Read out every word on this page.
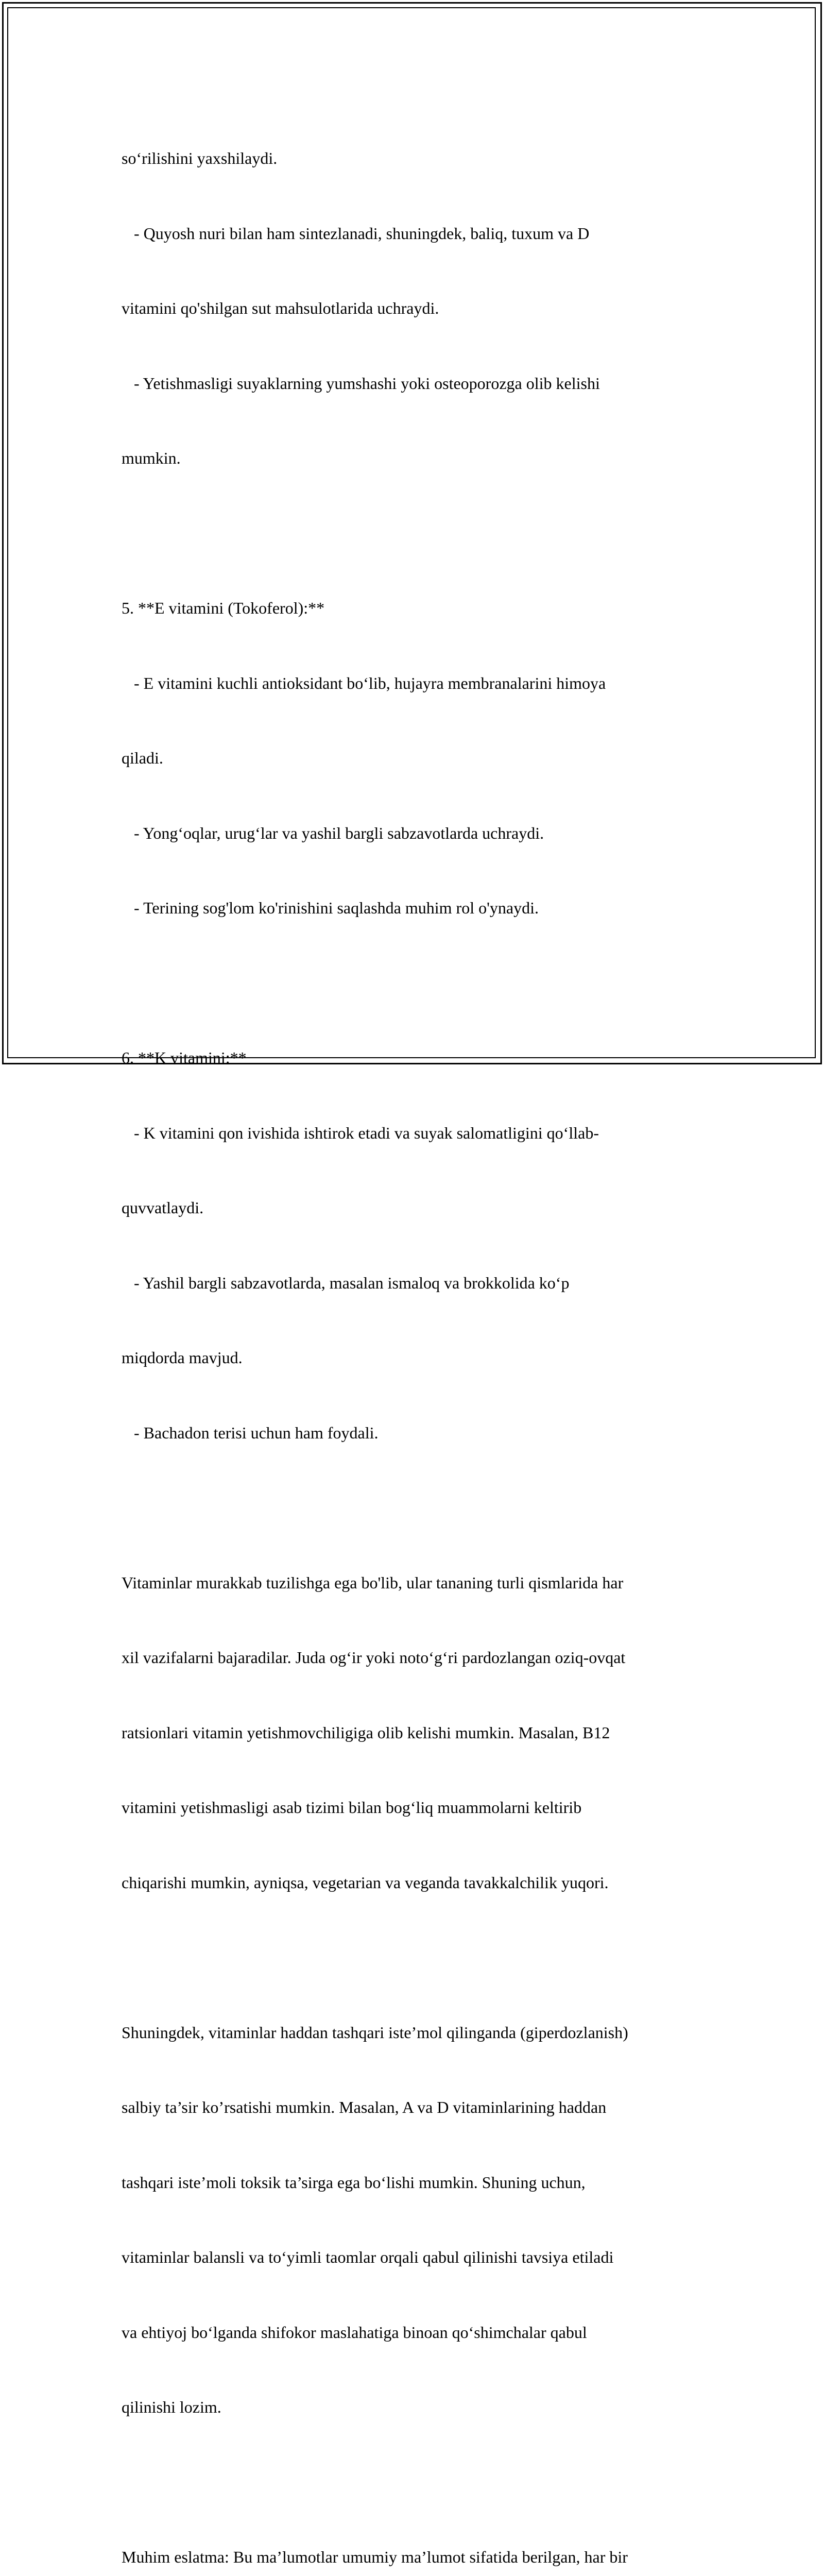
so‘rilishini yaxshilaydi.

- Quyosh nuri bilan ham sintezlanadi, shuningdek, baliq, tuxum va D

vitamini qo'shilgan sut mahsulotlarida uchraydi.

- Yetishmasligi suyaklarning yumshashi yoki osteoporozga olib kelishi

mumkin.

5. **E vitamini (Tokoferol):**

- E vitamini kuchli antioksidant bo‘lib, hujayra membranalarini himoya

qiladi.

- Yong‘oqlar, urug‘lar va yashil bargli sabzavotlarda uchraydi.

- Terining sog'lom ko'rinishini saqlashda muhim rol o'ynaydi.

6. **K vitamini:**

- K vitamini qon ivishida ishtirok etadi va suyak salomatligini qo‘llab-

quvvatlaydi.

- Yashil bargli sabzavotlarda, masalan ismaloq va brokkolida ko‘p

miqdorda mavjud.

- Bachadon terisi uchun ham foydali.

Vitaminlar murakkab tuzilishga ega bo'lib, ular tananing turli qismlarida har

xil vazifalarni bajaradilar. Juda og‘ir yoki noto‘g‘ri pardozlangan oziq-ovqat

ratsionlari vitamin yetishmovchiligiga olib kelishi mumkin. Masalan, B12

vitamini yetishmasligi asab tizimi bilan bog‘liq muammolarni keltirib

chiqarishi mumkin, ayniqsa, vegetarian va veganda tavakkalchilik yuqori.

Shuningdek, vitaminlar haddan tashqari iste’mol qilinganda (giperdozlanish)

salbiy ta’sir ko’rsatishi mumkin. Masalan, A va D vitaminlarining haddan

tashqari iste’moli toksik ta’sirga ega bo‘lishi mumkin. Shuning uchun,

vitaminlar balansli va to‘yimli taomlar orqali qabul qilinishi tavsiya etiladi

va ehtiyoj bo‘lganda shifokor maslahatiga binoan qo‘shimchalar qabul

qilinishi lozim.

Muhim eslatma: Bu ma’lumotlar umumiy ma’lumot sifatida berilgan, har bir
